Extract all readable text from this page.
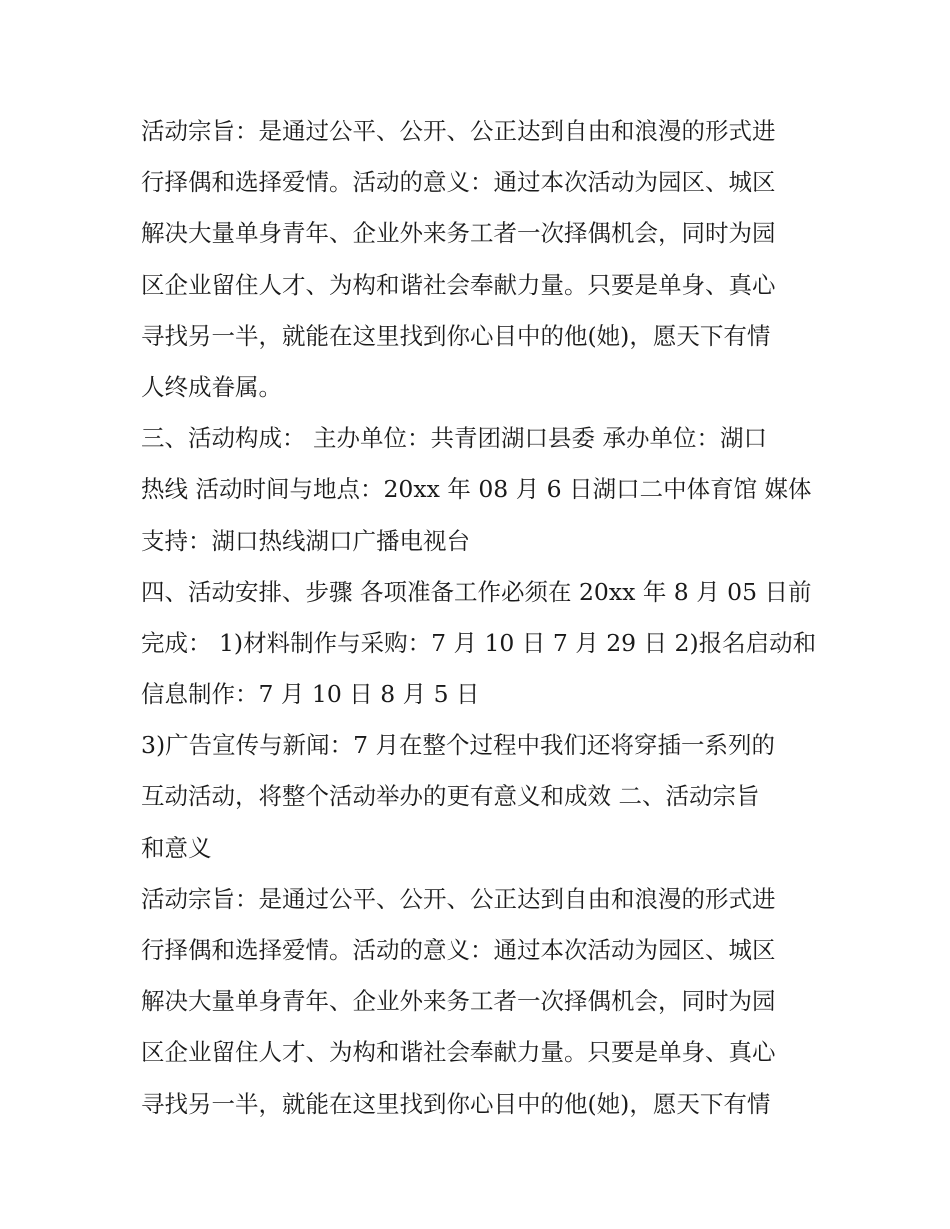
活动宗旨：是通过公平、公开、公正达到自由和浪漫的形式进
行择偶和选择爱情。活动的意义：通过本次活动为园区、城区
解决大量单身青年、企业外来务工者一次择偶机会，同时为园
区企业留住人才、为构和谐社会奉献力量。只要是单身、真心
寻找另一半，就能在这里找到你心目中的他(她)，愿天下有情
人终成眷属。
三、活动构成： 主办单位：共青团湖口县委 承办单位：湖口
热线 活动时间与地点：20xx 年 08 月 6 日湖口二中体育馆 媒体
支持：湖口热线湖口广播电视台
四、活动安排、步骤 各项准备工作必须在 20xx 年 8 月 05 日前
完成： 1)材料制作与采购：7 月 10 日 7 月 29 日 2)报名启动和
信息制作：7 月 10 日 8 月 5 日
3)广告宣传与新闻：7 月在整个过程中我们还将穿插一系列的
互动活动，将整个活动举办的更有意义和成效 二、活动宗旨
和意义
活动宗旨：是通过公平、公开、公正达到自由和浪漫的形式进
行择偶和选择爱情。活动的意义：通过本次活动为园区、城区
解决大量单身青年、企业外来务工者一次择偶机会，同时为园
区企业留住人才、为构和谐社会奉献力量。只要是单身、真心
寻找另一半，就能在这里找到你心目中的他(她)，愿天下有情
